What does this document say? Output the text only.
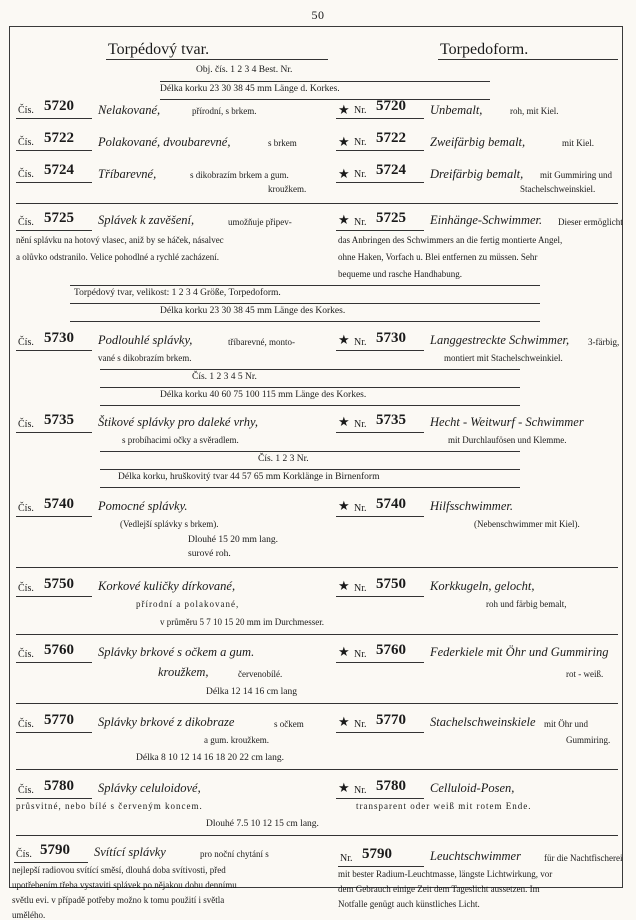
50
Torpédový tvar.	Torpedoform.
Obj. čís. 1 2 3 4 Best. Nr.
Délka korku 23 30 38 45 mm Länge d. Korkes.
Čís. 5720 Nelakované,	přírodní, s brkem.	★ Nr. 5720 Unbemalt,	roh, mit Kiel.
Čís. 5722 Polakované, dvoubarevné,	s brkem	★ Nr. 5722 Zweifärbig bemalt,	mit Kiel.
Čís. 5724 Tříbarevné,	s dikobrazím brkem a gum.
kroužkem.
★ Nr. 5724 Dreifärbig bemalt, mit Gummiring und
Stachelschweinskiel.
Čís. 5725 Splávek k zavěšení,	umožňuje připev-
nění splávku na hotový vlasec, aniž by se háček, násalvec
a olůvko odstranilo. Velice pohodlné a rychlé zacházení.
★ Nr. 5725 Einhänge-Schwimmer. Dieser ermöglicht
das Anbringen des Schwimmers an die fertig montierte Angel,
ohne Haken, Vorfach u. Blei entfernen zu müssen. Sehr
bequeme und rasche Handhabung.
Torpédový tvar, velikost: 1 2 3 4 Größe, Torpedoform.
Délka korku 23 30 38 45 mm Länge des Korkes.
Čís. 5730 Podlouhlé splávky,	tříbarevné, monto-
vané s dikobrazím brkem.
★ Nr. 5730 Langgestreckte Schwimmer, 3-färbig,
montiert mit Stachelschweinkiel.
Čís. 1 2 3 4 5 Nr.
Délka korku 40 60 75 100 115 mm Länge des Korkes.
Čís. 5735 Štikové splávky pro daleké vrhy,
s probíhacimi očky a svěradlem.
★ Nr. 5735 Hecht - Weitwurf - Schwimmer
mit Durchlaufösen und Klemme.
Čís. 1 2 3 Nr.
Délka korku, hruškovitý tvar 44 57 65 mm Korklänge in Birnenform
Čís. 5740 Pomocné splávky.
(Vedlejší splávky s brkem).
★ Nr. 5740 Hilfsschwimmer.
(Nebenschwimmer mit Kiel).
Dlouhé 15 20 mm lang.
surové roh.
Čís. 5750 Korkové kuličky dírkované,
přírodní a polakované,
v průměru 5 7 10 15 20 mm im Durchmesser.
★ Nr. 5750 Korkkugeln, gelocht,
roh und färbig bemalt,
Čís. 5760 Splávky brkové s očkem a gum.
kroužkem,	červenobílé.
★ Nr. 5760 Federkiele mit Öhr und Gummiring
rot - weiß.
Délka 12 14 16 cm lang
Čís. 5770 Splávky brkové z dikobraze	s očkem
a gum. kroužkem.
★ Nr. 5770 Stachelschweinskiele mit Öhr und
Gummiring.
Délka 8 10 12 14 16 18 20 22 cm lang.
Čís. 5780 Splávky celuloidové,
průsvitné, nebo bílé s červeným koncem.
★ Nr. 5780 Celluloid-Posen,
transparent oder weiß mit rotem Ende.
Dlouhé 7.5 10 12 15 cm lang.
Čís. 5790 Svítící splávky	pro noční chytání s
nejlepší radiovou svítící směsí, dlouhá doba svítivosti, před
upotřebením třeba vystaviti splávek po nějakou dobu dennímu
světlu evi. v případě potřeby možno k tomu použití i světla
umělého.
Nr. 5790	Leuchtschwimmer	für die Nachtfischerei
mit bester Radium-Leuchtmasse, längste Lichtwirkung, vor
dem Gebrauch einige Zeit dem Tageslicht aussetzen. Im
Notfalle genügt auch künstliches Licht.
